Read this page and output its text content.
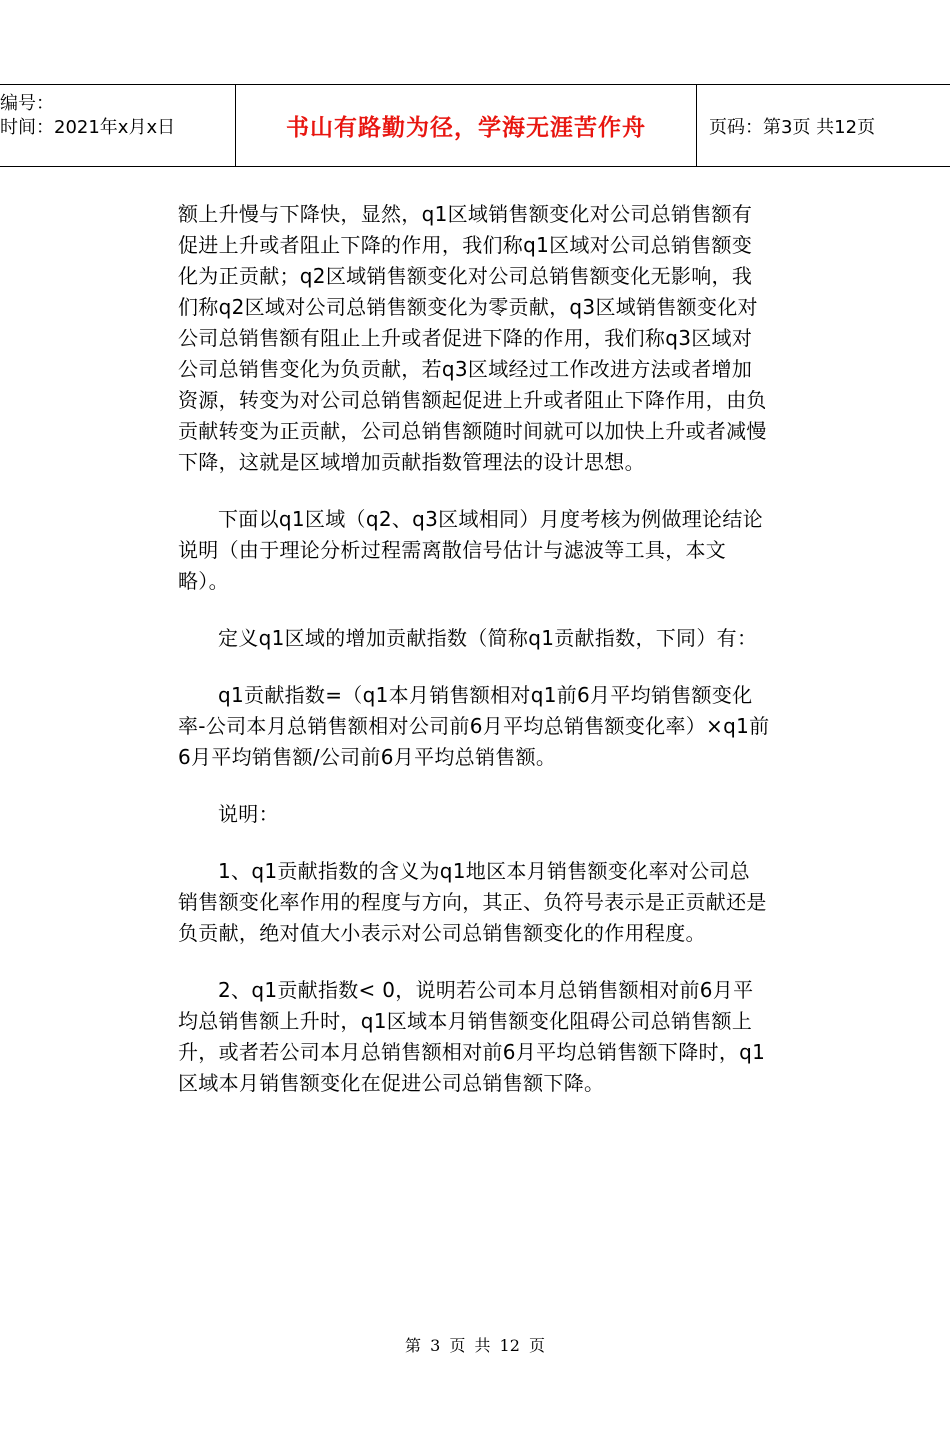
编号：
时间：2021年x月x日	书山有路勤为径，学海无涯苦作舟	页码：第3页 共12页

额上升慢与下降快，显然，q1区域销售额变化对公司总销售额有促进上升或者阻止下降的作用，我们称q1区域对公司总销售额变化为正贡献；q2区域销售额变化对公司总销售额变化无影响，我们称q2区域对公司总销售额变化为零贡献，q3区域销售额变化对公司总销售额有阻止上升或者促进下降的作用，我们称q3区域对公司总销售变化为负贡献，若q3区域经过工作改进方法或者增加资源，转变为对公司总销售额起促进上升或者阻止下降作用，由负贡献转变为正贡献，公司总销售额随时间就可以加快上升或者减慢下降，这就是区域增加贡献指数管理法的设计思想。

下面以q1区域（q2、q3区域相同）月度考核为例做理论结论说明（由于理论分析过程需离散信号估计与滤波等工具，本文略）。

定义q1区域的增加贡献指数（简称q1贡献指数，下同）有：

q1贡献指数=（q1本月销售额相对q1前6月平均销售额变化率-公司本月总销售额相对公司前6月平均总销售额变化率）×q1前6月平均销售额/公司前6月平均总销售额。

说明：

1、q1贡献指数的含义为q1地区本月销售额变化率对公司总销售额变化率作用的程度与方向，其正、负符号表示是正贡献还是负贡献，绝对值大小表示对公司总销售额变化的作用程度。

2、q1贡献指数< 0，说明若公司本月总销售额相对前6月平均总销售额上升时，q1区域本月销售额变化阻碍公司总销售额上升，或者若公司本月总销售额相对前6月平均总销售额下降时，q1区域本月销售额变化在促进公司总销售额下降。

第 3 页 共 12 页
